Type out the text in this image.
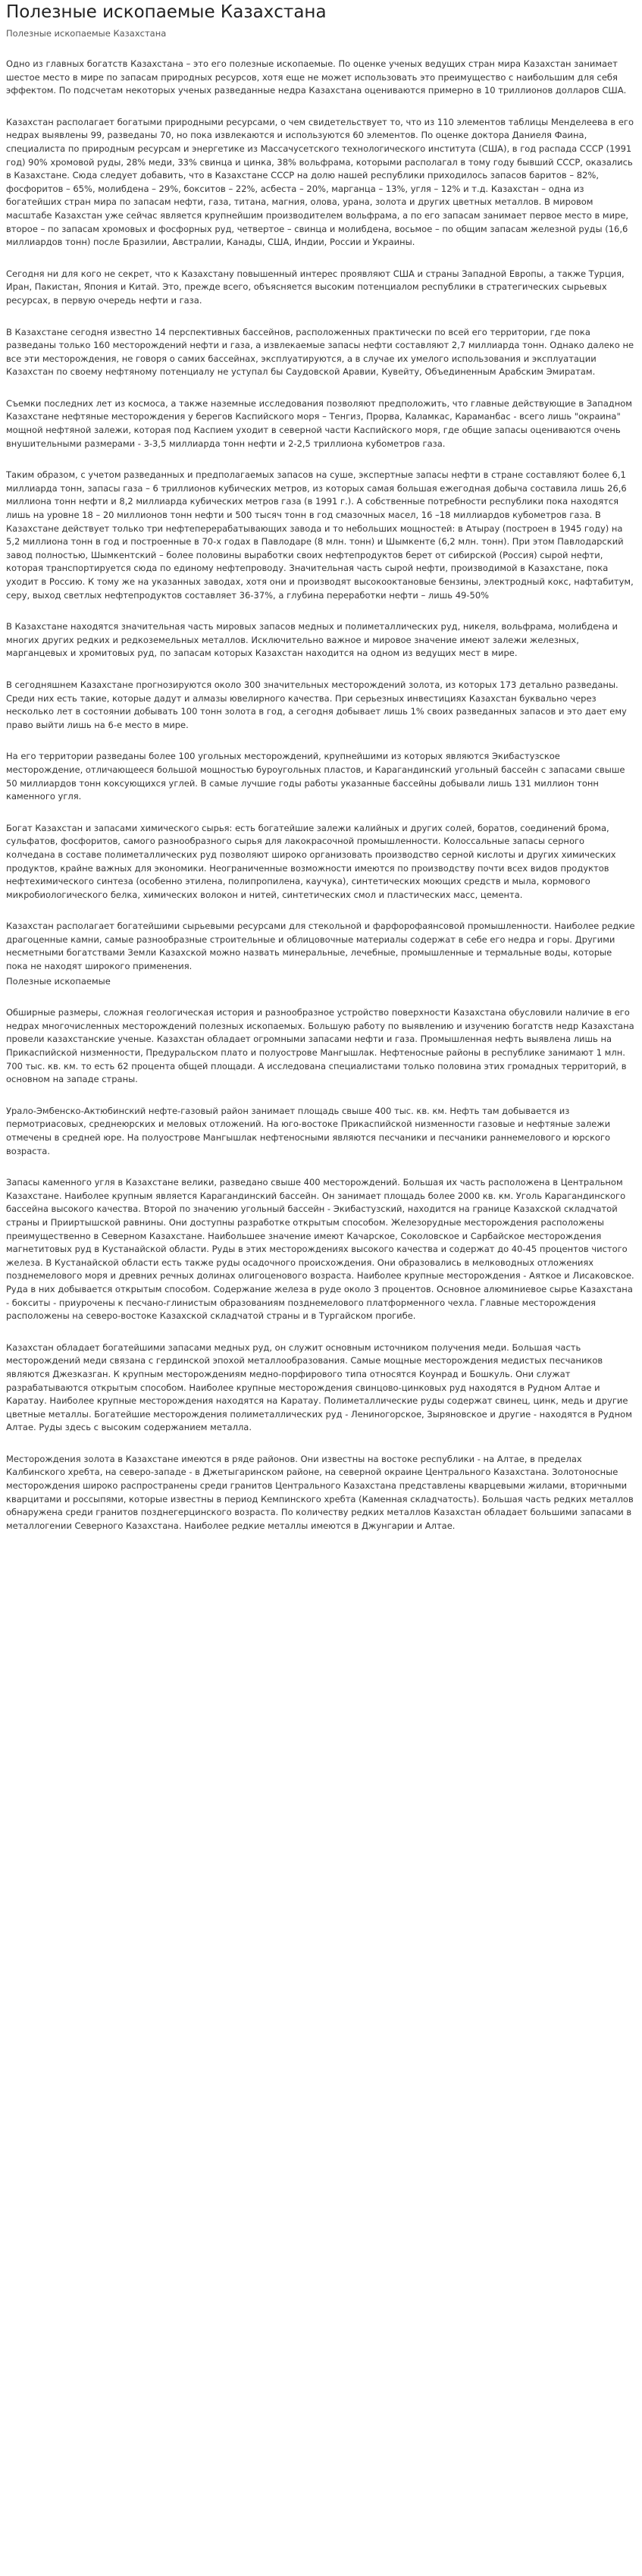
Полезные ископаемые Казахстана
Полезные ископаемые Казахстана

Одно из главных богатств Казахстана – это его полезные ископаемые. По оценке ученых ведущих стран мира Казахстан занимает шестое место в мире по запасам природных ресурсов, хотя еще не может использовать это преимущество с наибольшим для себя эффектом. По подсчетам некоторых ученых разведанные недра Казахстана оцениваются примерно в 10 триллионов долларов США.

Казахстан располагает богатыми природными ресурсами, о чем свидетельствует то, что из 110 элементов таблицы Менделеева в его недрах выявлены 99, разведаны 70, но пока извлекаются и используются 60 элементов. По оценке доктора Даниеля Фаина, специалиста по природным ресурсам и энергетике из Массачусетского технологического института (США), в год распада СССР (1991 год) 90% хромовой руды, 28% меди, 33% свинца и цинка, 38% вольфрама, которыми располагал в тому году бывший СССР, оказались в Казахстане. Сюда следует добавить, что в Казахстане СССР на долю нашей республики приходилось запасов баритов – 82%, фосфоритов – 65%, молибдена – 29%, бокситов – 22%, асбеста – 20%, марганца – 13%, угля – 12% и т.д. Казахстан – одна из богатейших стран мира по запасам нефти, газа, титана, магния, олова, урана, золота и других цветных металлов. В мировом масштабе Казахстан уже сейчас является крупнейшим производителем вольфрама, а по его запасам занимает первое место в мире, второе – по запасам хромовых и фосфорных руд, четвертое – свинца и молибдена, восьмое – по общим запасам железной руды (16,6 миллиардов тонн) после Бразилии, Австралии, Канады, США, Индии, России и Украины.

Сегодня ни для кого не секрет, что к Казахстану повышенный интерес проявляют США и страны Западной Европы, а также Турция, Иран, Пакистан, Япония и Китай. Это, прежде всего, объясняется высоким потенциалом республики в стратегических сырьевых ресурсах, в первую очередь нефти и газа.

В Казахстане сегодня известно 14 перспективных бассейнов, расположенных практически по всей его территории, где пока разведаны только 160 месторождений нефти и газа, а извлекаемые запасы нефти составляют 2,7 миллиарда тонн. Однако далеко не все эти месторождения, не говоря о самих бассейнах, эксплуатируются, а в случае их умелого использования и эксплуатации Казахстан по своему нефтяному потенциалу не уступал бы Саудовской Аравии, Кувейту, Объединенным Арабским Эмиратам.

Съемки последних лет из космоса, а также наземные исследования позволяют предположить, что главные действующие в Западном Казахстане нефтяные месторождения у берегов Каспийского моря – Тенгиз, Прорва, Каламкас, Караманбас - всего лишь "окраина" мощной нефтяной залежи, которая под Каспием уходит в северной части Каспийского моря, где общие запасы оцениваются очень внушительными размерами - 3-3,5 миллиарда тонн нефти и 2-2,5 триллиона кубометров газа.

Таким образом, с учетом разведанных и предполагаемых запасов на суше, экспертные запасы нефти в стране составляют более 6,1 миллиарда тонн, запасы газа – 6 триллионов кубических метров, из которых самая большая ежегодная добыча составила лишь 26,6 миллиона тонн нефти и 8,2 миллиарда кубических метров газа (в 1991 г.). А собственные потребности республики пока находятся лишь на уровне 18 – 20 миллионов тонн нефти и 500 тысяч тонн в год смазочных масел, 16 –18 миллиардов кубометров газа. В Казахстане действует только три нефтеперерабатывающих завода и то небольших мощностей: в Атырау (построен в 1945 году) на 5,2 миллиона тонн в год и построенные в 70-х годах в Павлодаре (8 млн. тонн) и Шымкенте (6,2 млн. тонн). При этом Павлодарский завод полностью, Шымкентский – более половины выработки своих нефтепродуктов берет от сибирской (Россия) сырой нефти, которая транспортируется сюда по единому нефтепроводу. Значительная часть сырой нефти, производимой в Казахстане, пока уходит в Россию. К тому же на указанных заводах, хотя они и производят высокооктановые бензины, электродный кокс, нафтабитум, серу, выход светлых нефтепродуктов составляет 36-37%, а глубина переработки нефти – лишь 49-50%

В Казахстане находятся значительная часть мировых запасов медных и полиметаллических руд, никеля, вольфрама, молибдена и многих других редких и редкоземельных металлов. Исключительно важное и мировое значение имеют залежи железных, марганцевых и хромитовых руд, по запасам которых Казахстан находится на одном из ведущих мест в мире.

В сегодняшнем Казахстане прогнозируются около 300 значительных месторождений золота, из которых 173 детально разведаны. Среди них есть такие, которые дадут и алмазы ювелирного качества. При серьезных инвестициях Казахстан буквально через несколько лет в состоянии добывать 100 тонн золота в год, а сегодня добывает лишь 1% своих разведанных запасов и это дает ему право выйти лишь на 6-е место в мире.

На его территории разведаны более 100 угольных месторождений, крупнейшими из которых являются Экибастузское месторождение, отличающееся большой мощностью буроугольных пластов, и Карагандинский угольный бассейн с запасами свыше 50 миллиардов тонн коксующихся углей. В самые лучшие годы работы указанные бассейны добывали лишь 131 миллион тонн каменного угля.

Богат Казахстан и запасами химического сырья: есть богатейшие залежи калийных и других солей, боратов, соединений брома, сульфатов, фосфоритов, самого разнообразного сырья для лакокрасочной промышленности. Колоссальные запасы серного колчедана в составе полиметаллических руд позволяют широко организовать производство серной кислоты и других химических продуктов, крайне важных для экономики. Неограниченные возможности имеются по производству почти всех видов продуктов нефтехимического синтеза (особенно этилена, полипропилена, каучука), синтетических моющих средств и мыла, кормового микробиологического белка, химических волокон и нитей, синтетических смол и пластических масс, цемента.

Казахстан располагает богатейшими сырьевыми ресурсами для стекольной и фарфорофаянсовой промышленности. Наиболее редкие драгоценные камни, самые разнообразные строительные и облицовочные материалы содержат в себе его недра и горы. Другими несметными богатствами Земли Казахской можно назвать минеральные, лечебные, промышленные и термальные воды, которые пока не находят широкого применения.

Полезные ископаемые

Обширные размеры, сложная геологическая история и разнообразное устройство поверхности Казахстана обусловили наличие в его недрах многочисленных месторождений полезных ископаемых. Большую работу по выявлению и изучению богатств недр Казахстана провели казахстанские ученые. Казахстан обладает огромными запасами нефти и газа. Промышленная нефть выявлена лишь на Прикаспийской низменности, Предуральском плато и полуострове Мангышлак. Нефтеносные районы в республике занимают 1 млн. 700 тыс. кв. км. то есть 62 процента общей площади. А исследована специалистами только половина этих громадных территорий, в основном на западе страны.

Урало-Эмбенско-Актюбинский нефте-газовый район занимает площадь свыше 400 тыс. кв. км. Нефть там добывается из пермотриасовых, среднеюрских и меловых отложений. На юго-востоке Прикаспийской низменности газовые и нефтяные залежи отмечены в средней юре. На полуострове Мангышлак нефтеносными являются песчаники и песчаники раннемелового и юрского возраста.

Запасы каменного угля в Казахстане велики, разведано свыше 400 месторождений. Большая их часть расположена в Центральном Казахстане. Наиболее крупным является Карагандинский бассейн. Он занимает площадь более 2000 кв. км. Уголь Карагандинского бассейна высокого качества. Второй по значению угольный бассейн - Экибастузский, находится на границе Казахской складчатой страны и Прииртышской равнины. Они доступны разработке открытым способом. Железорудные месторождения расположены преимущественно в Северном Казахстане. Наибольшее значение имеют Качарское, Соколовское и Сарбайское месторождения магнетитовых руд в Кустанайской области. Руды в этих месторождениях высокого качества и содержат до 40-45 процентов чистого железа. В Кустанайской области есть также руды осадочного происхождения. Они образовались в мелководных отложениях позднемелового моря и древних речных долинах олигоценового возраста. Наиболее крупные месторождения - Аяткое и Лисаковское. Руда в них добывается открытым способом. Содержание железа в руде около 3 процентов. Основное алюминиевое сырье Казахстана - бокситы - приурочены к песчано-глинистым образованиям позднемелового платформенного чехла. Главные месторождения расположены на северо-востоке Казахской складчатой страны и в Тургайском прогибе.

Казахстан обладает богатейшими запасами медных руд, он служит основным источником получения меди. Большая часть месторождений меди связана с гердинской эпохой металлообразования. Самые мощные месторождения медистых песчаников являются Джезказган. К крупным месторождениям медно-порфирового типа относятся Коунрад и Бошкуль. Они служат разрабатываются открытым способом. Наиболее крупные месторождения свинцово-цинковых руд находятся в Рудном Алтае и Каратау. Наиболее крупные месторождения находятся на Каратау. Полиметаллические руды содержат свинец, цинк, медь и другие цветные металлы. Богатейшие месторождения полиметаллических руд - Лениногорское, Зыряновское и другие - находятся в Рудном Алтае. Руды здесь с высоким содержанием металла.

Месторождения золота в Казахстане имеются в ряде районов. Они известны на востоке республики - на Алтае, в пределах Калбинского хребта, на северо-западе - в Джетыгаринском районе, на северной окраине Центрального Казахстана. Золотоносные месторождения широко распространены среди гранитов Центрального Казахстана представлены кварцевыми жилами, вторичными кварцитами и россыпями, которые известны в период Кемпинского хребта (Каменная складчатость). Большая часть редких металлов обнаружена среди гранитов позднегерцинского возраста. По количеству редких металлов Казахстан обладает большими запасами в металлогении Северного Казахстана. Наиболее редкие металлы имеются в Джунгарии и Алтае.
